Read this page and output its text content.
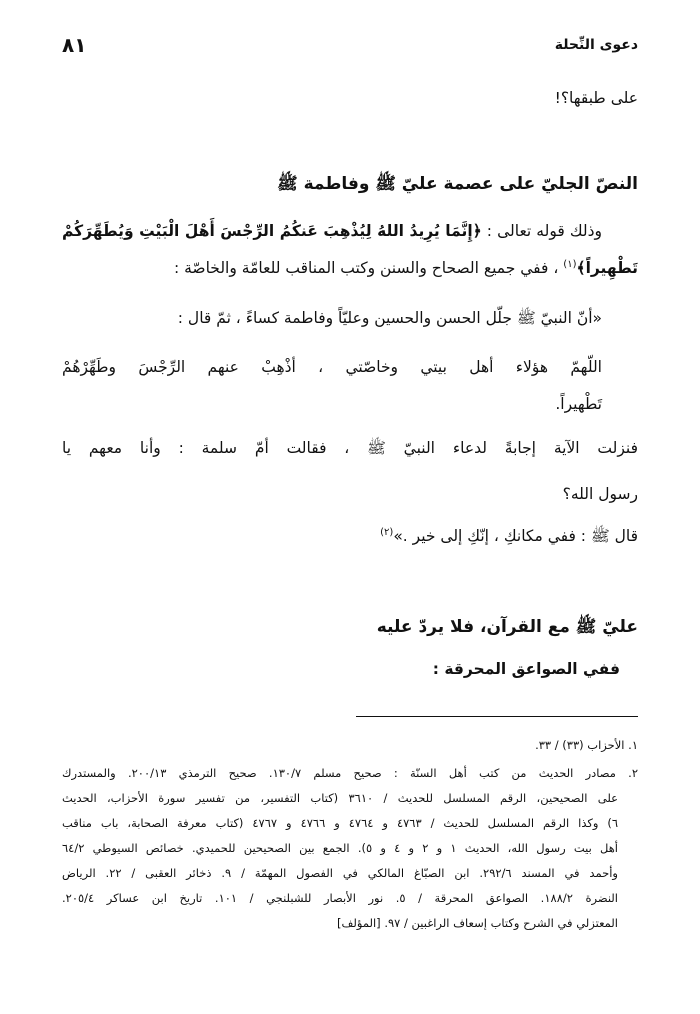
دعوى النِّحلة
٨١

على طبقها؟!

النصّ الجليّ على عصمة عليّ ﷺ وفاطمة ﷺ
وذلك قوله تعالى : ﴿إِنَّمَا يُرِيدُ اللهُ لِيُذْهِبَ عَنكُمُ الرِّجْسَ أَهْلَ الْبَيْتِ وَيُطَهِّرَكُمْ
تَطْهِيراً﴾$^{(١)}$ ، ففي جميع الصحاح والسنن وكتب المناقب للعامّة والخاصّة :
«أنّ النبيّ ﷺ جلّل الحسن والحسين وعليّاً وفاطمة كساءً ، ثمّ قال :
اللّهمّ هؤلاء أهل بيتي وخاصّتي ، أذْهِبْ عنهم الرِّجْسَ وطَهِّرْهُمْ
تَطْهيراً.
فنزلت الآية إجابةً لدعاء النبيّ ﷺ ، فقالت أمّ سلمة : وأنا معهم يا
رسول الله؟
قال ﷺ : ففي مكانكِ ، إنّكِ إلى خير .»$^{(٢)}$
عليّ ﷺ مع القرآن، فلا يردّ عليه
ففي الصواعق المحرقة :
١. الأحزاب (٣٣) / ٣٣.
٢. مصادر الحديث من كتب أهل السنّة : صحيح مسلم ١٣٠/٧. صحيح الترمذي ٢٠٠/١٣. والمستدرك
على الصحيحين، الرقم المسلسل للحديث / ٣٦١٠ (كتاب التفسير، من تفسير سورة الأحزاب، الحديث
٦) وكذا الرقم المسلسل للحديث / ٤٧٦٣ و ٤٧٦٤ و ٤٧٦٦ و ٤٧٦٧ (كتاب معرفة الصحابة، باب مناقب
أهل بيت رسول الله، الحديث ١ و ٢ و ٤ و ٥). الجمع بين الصحيحين للحميدي. خصائص السيوطي ٦٤/٢
وأحمد في المسند ٢٩٢/٦. ابن الصبّاغ المالكي في الفصول المهمّة / ٩. ذخائر العقبى / ٢٢. الرياض
النضرة ١٨٨/٢. الصواعق المحرقة / ٥. نور الأبصار للشبلنجي / ١٠١. تاريخ ابن عساكر ٢٠٥/٤.
المعتزلي في الشرح وكتاب إسعاف الراغبين / ٩٧. [المؤلف]
